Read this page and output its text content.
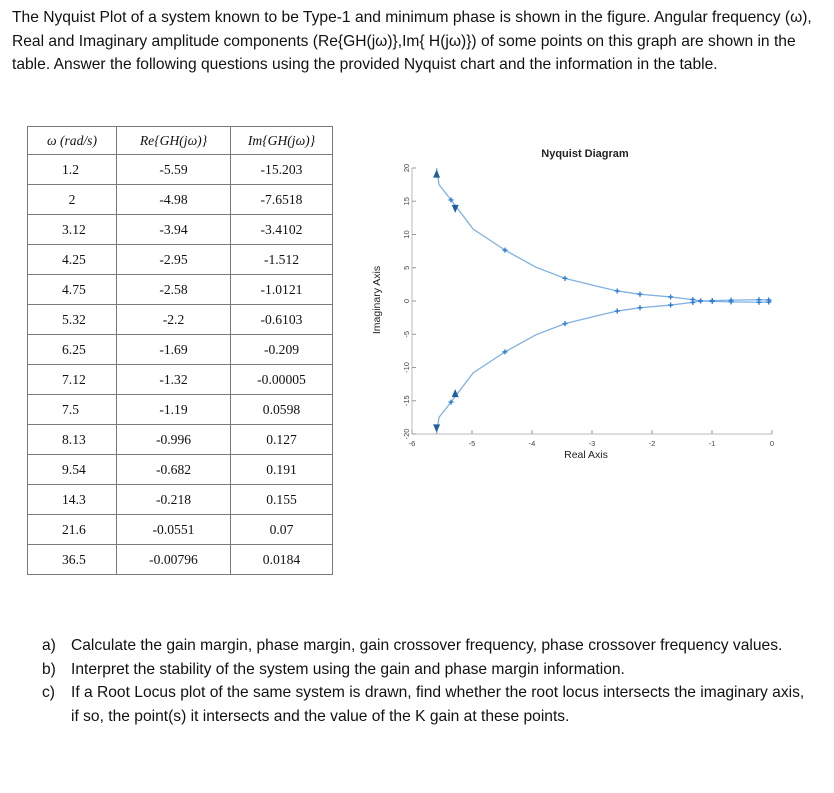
The Nyquist Plot of a system known to be Type-1 and minimum phase is shown in the figure. Angular frequency (ω), Real and Imaginary amplitude components (Re{GH(jω)},Im{ H(jω)}) of some points on this graph are shown in the table. Answer the following questions using the provided Nyquist chart and the information in the table.
ω (rad/s)	Re{GH(jω)}	Im{GH(jω)}
1.2	-5.59	-15.203
2	-4.98	-7.6518
3.12	-3.94	-3.4102
4.25	-2.95	-1.512
4.75	-2.58	-1.0121
5.32	-2.2	-0.6103
6.25	-1.69	-0.209
7.12	-1.32	-0.00005
7.5	-1.19	0.0598
8.13	-0.996	0.127
9.54	-0.682	0.191
14.3	-0.218	0.155
21.6	-0.0551	0.07
36.5	-0.00796	0.0184
Nyquist Diagram
Real Axis
Imaginary Axis
20
15
10
5
0
-5
-10
-15
-20
-6	-5	-4	-3	-2	-1	0
a) Calculate the gain margin, phase margin, gain crossover frequency, phase crossover frequency values.
b) Interpret the stability of the system using the gain and phase margin information.
c)	If a Root Locus plot of the same system is drawn, find whether the root locus intersects the imaginary axis, if so, the point(s) it intersects and the value of the K gain at these points.
